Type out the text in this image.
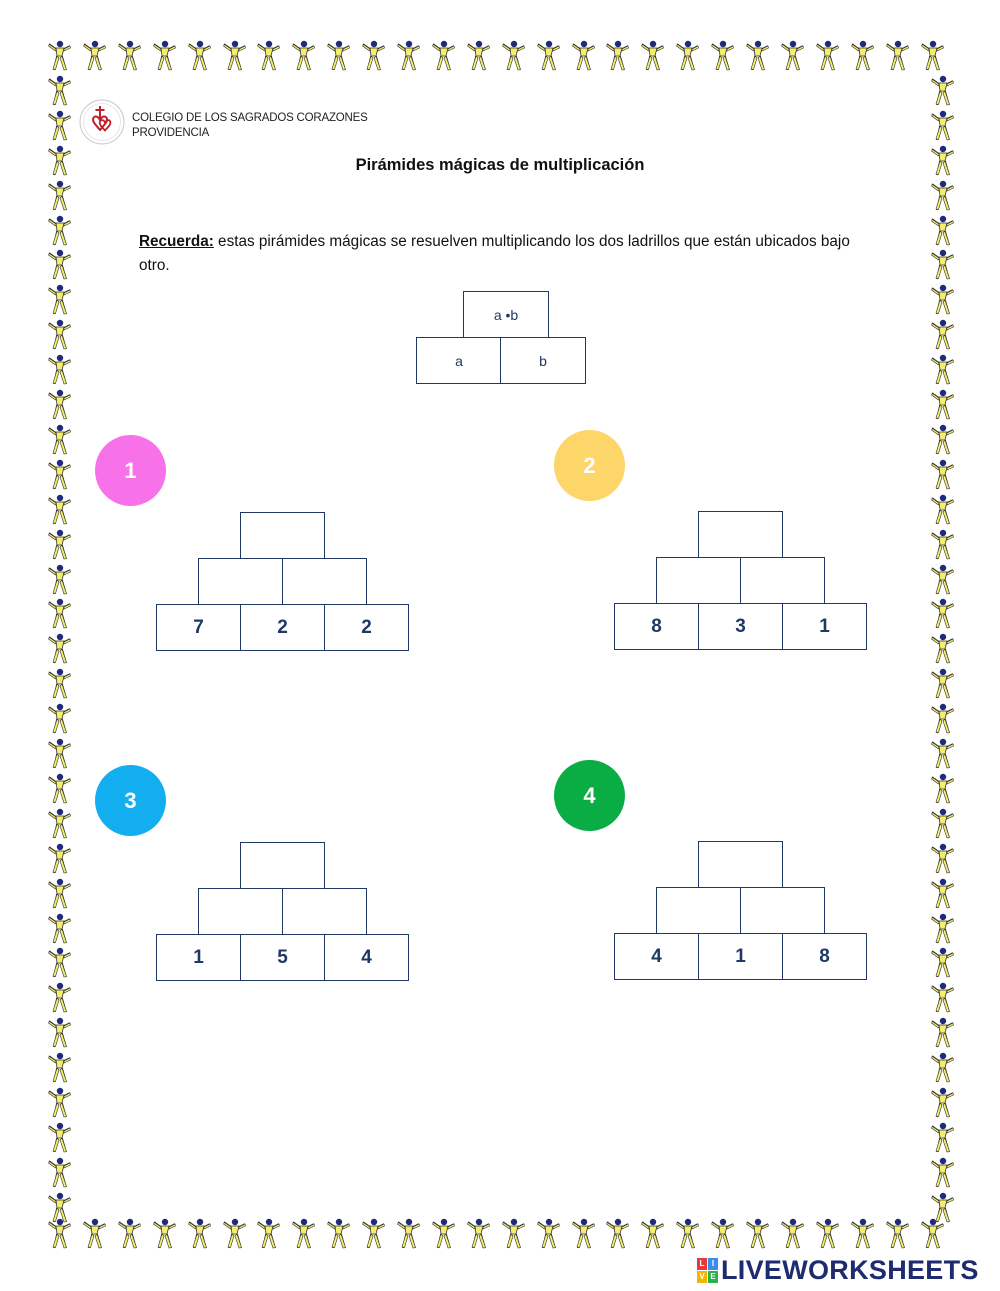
COLEGIO DE LOS SAGRADOS CORAZONES
PROVIDENCIA
Pirámides mágicas de multiplicación
Recuerda: estas pirámides mágicas se resuelven multiplicando los dos ladrillos que están ubicados bajo otro.
a •b
a	b
1
7	2	2
2
8	3	1
3
1	5	4
4
4	1	8
L I
V E LIVEWORKSHEETS
